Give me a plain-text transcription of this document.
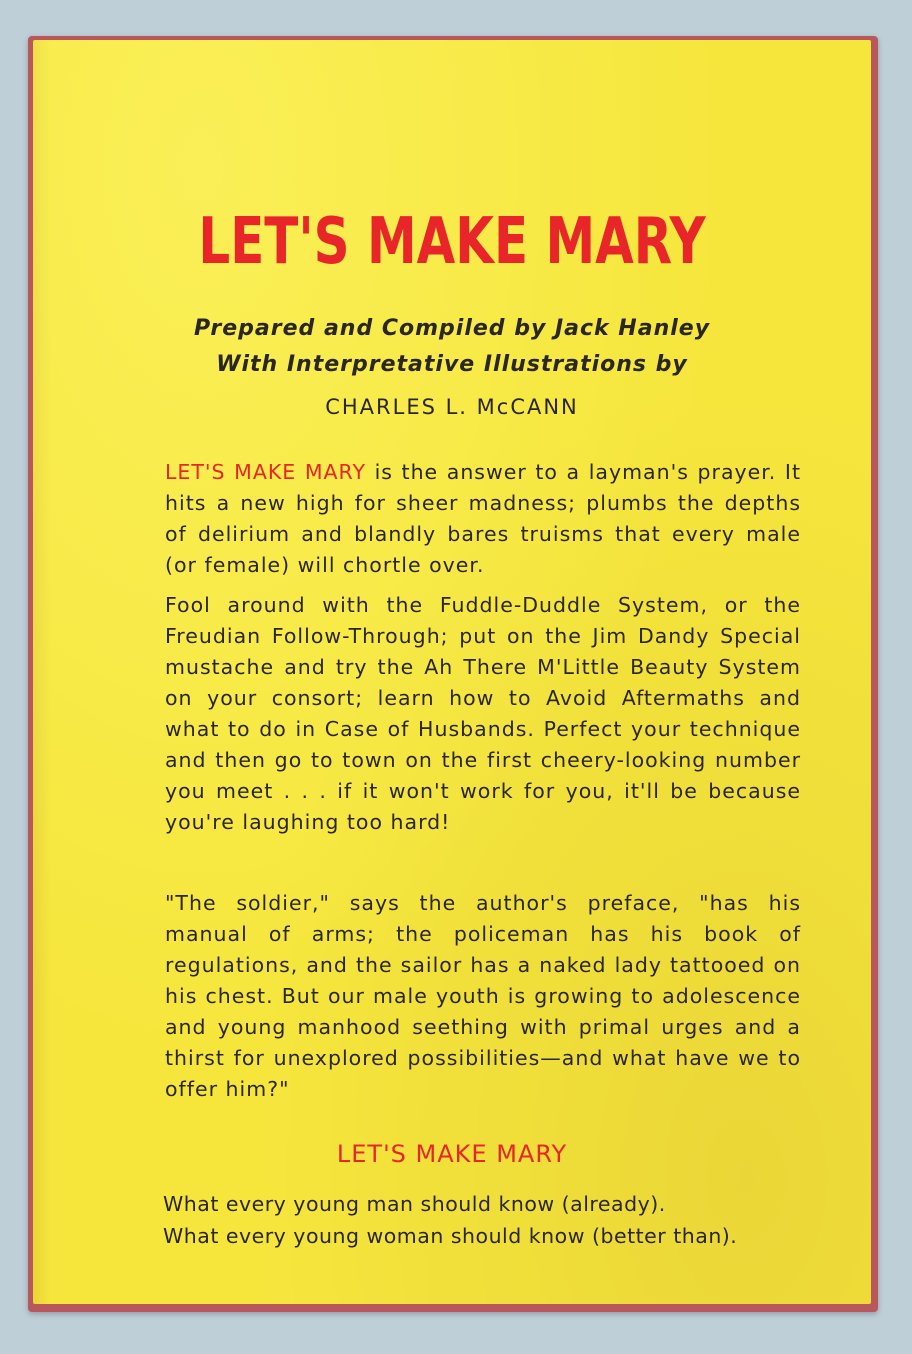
LET'S MAKE MARY

Prepared and Compiled by Jack Hanley

With Interpretative Illustrations by

CHARLES L. McCANN

LET'S MAKE MARY is the answer to a layman's prayer. It hits a new high for sheer madness; plumbs the depths of delirium and blandly bares truisms that every male (or female) will chortle over.

Fool around with the Fuddle-Duddle System, or the Freudian Follow-Through; put on the Jim Dandy Special mustache and try the Ah There M'Little Beauty System on your consort; learn how to Avoid Aftermaths and what to do in Case of Husbands. Perfect your technique and then go to town on the first cheery-looking number you meet . . . if it won't work for you, it'll be because you're laughing too hard!

"The soldier," says the author's preface, "has his manual of arms; the policeman has his book of regulations, and the sailor has a naked lady tattooed on his chest. But our male youth is growing to adolescence and young manhood seething with primal urges and a thirst for unexplored possibilities—and what have we to offer him?"

LET'S MAKE MARY

What every young man should know (already).

What every young woman should know (better than).
